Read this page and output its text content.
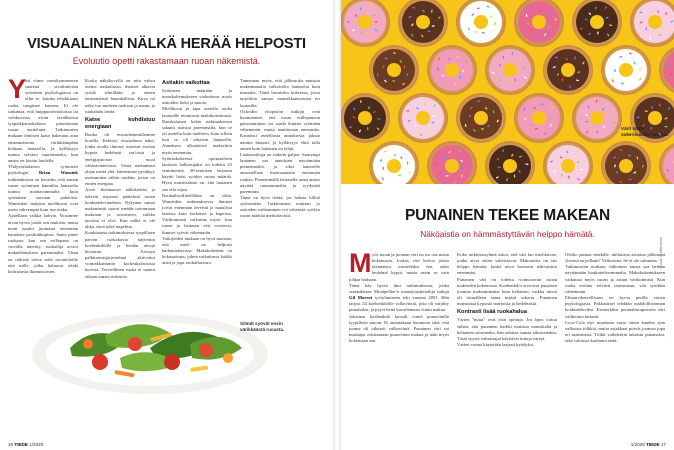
VISUAALINEN NÄLKÄ HERÄÄ HELPOSTI
Evoluutio opetti rakastamaan ruoan näkemistä.
Y

ksi viime vuosikymmenten suurista sivuilmiöistä syömisen psykologiassa on ollut se, kuinka tehokkaasti ruoka vangitsee katseen. Ei ole sattumaa, että huippuravintoloissa tai valokuvissa aivan tavallisessa työpaikkaruokalassa panostetaan ruoan asetteluun. Tutkimusten mukaan ihmisen katse hakeutuu aina ensimmäisenä värikkäimpään kohtaan lautasella, ja kylläisyys tuntuu selvästi suuremmalta, kun annos on koottu huolella.

Yhdysvaltalaisen syömisen psykologin Brian Wansink tutkimuksissa on havaittu, että saman ruoan syöminen kauniilta lautaselta tuntuu maittavammalta kuin syöminen suoraan paketista. Wansinkin mukaan mielikuvat ovat usein vahvempia kuin itse maku.

Ajatellaan vaikka kahvia. Voisimme aivan hyvin juoda sen mukista, mutta moni nauttii juomasta enemmän kauniista posliinikupista. Sama pätee ruokaan: kun sen esillepano on vaivalla mietitty, ruokailija arvioi makuelämyksen paremmaksi. Tämä on tärkeää tietoa sekä ravintoloille että niille, jotka haluavat tehdä kotiruoasta ikimuistoisen.

Koska näkökyvyllä on niin vahva asema ruokailussa, ihmiset alkavat syödä silmillään jo ennen ensimmäistä haarukallista. Kuva tai näky tuo mieleen tuoksun ja maun, ja ruokahalu herää.

Katse kohdistuu energiaan

Ruoka oli esivanhemmillemme kortilla. Kehittyi visuaalinen näkö, jonka avulla ihmiset osasivat erottaa kypsät hedelmät raa'oista ja energiapitoiset ruoat vähäravinteisista. Tämä mekanismi ohjaa meitä yhä: katseemme pysähtyy useimmiten niihin ruokiin, joissa on eniten energiaa.

Aivot skannaavat näkökentän ja tekevät nopeasti päätöksiä ruoan houkuttelevuudesta. Nykyään samat mekanismit saavat meidät tarttumaan makeaan ja rasvaiseen, vaikka tarvetta ei olisi. Kun nälkä ei ole uhka, tästä tulee ongelma.

Kuuluisassa tutkimuksessa tyypillisen päivän ruokakuvia näytettiin koehenkilöille ja heidän aivoja kuvattiin. Aivojen palkitsemisjärjestelmä aktivoitui voimakkaimmin korkeakalorisista kuvista. Terveellinen ruoka ei saanut aikaan samaa reaktiota.

Astiakin vaikuttaa

Syömisen määrään ja mauskokemukseen vaikuttavat myös astioiden koko ja muoto.

Mielikuvat ja tapa asetella ruoka lautaselle muuttavat makukokemusta. Ranskalaisen kokin tutkimuksessa salaatti maistui paremmalta, kun se oli aseteltu kuin taideteos, kuin silloin kun se oli sekaisin lautasella. Annoksen ulkonäöstä maksettiin myös enemmän.

Syömiskokeessa optimaalisen lautasen halkaisijaksi on todettu 25 senttimetriä. 30-senttisen lautasen käyttö lisäsi syödyn ruoan määrää. Hyvä muistisääntö on, että lautanen saa olla vajaa.

Ruokailuvälineilläkin on väliä. Wansinkin tutkimuksessa ihmiset joivat enemmän leveistä ja matalista laseista kuin korkeista ja kapeista. Värikontrasti vaikuttaa myös: kun ruoan ja lautasen väri erottuvat, ihmiset syövät vähemmän.

Tutkijoiden mukaan on hyvä muistaa, että mieli on helposti harhautettavissa. Makukokemus on kokonaisuus, johon vaikuttavat kaikki aistit ja jopa ruokailuseura.

Tunnetaan myös, että jälkiruoka maistuu makeammalta valkoiselta lautaselta kuin mustalta. Tämä havaittiin kokeessa, jossa tarjoiltiin samaa mansikkamoussea eri lautasilta.

Oxfordin yliopiston tutkijat ovat huomanneet, että ruoan esillepanoon panostaminen voi saada ihmiset syömään vähemmän, mutta nauttimaan enemmän. Kauniisti asetellusta annoksesta jaksaa nauttia hitaasti, ja kylläisyys ehtii tulla ennen kuin lautanen on tyhjä.

Lautasmittoja on tutkittu paljon. Suurempi lautanen saa annoksen näyttämään pienemmältä, ja siksi lautaselle annostellaan huomaamatta enemmän ruokaa. Pienemmällä lautasella sama annos näyttää runsaammalta ja tyydyttää paremmin.

Tämä on hyvä tietää, jos haluaa hillitä syömistään. Tutkimusten mukaan jo astioiden vaihtaminen voi vähentää syödyn ruoan määrää merkittävästi.

Silmät syövät ensin värikkäästä ruoasta.
16 TIEDE 1/2020
Värit sälää sokerisuuden tunnua.
Kuvat: Shutterstock
PUNAINEN TEKEE MAKEAN
Näköaistia on hämmästyttävän helppo hämätä.
M yös ruoan ja juoman väri on iso osa maun kokemusta. Joskus väri kertoo jotain olennaista, esimerkiksi sen, onko hedelmä kypsä, mutta usein se vain johtaa harhaan.

Tämä käy hyvin ilmi tutkimuksesta, jonka ranskalaisen Montpellier'n maataloustieteilijä tutkija Gil Morrot työryhmineen teki vuonna 2001. Hän tarjosi 54 koehenkilölle valkoviiniä, joka oli värjätty punaiseksi, ja pyysi heitä kuvailemaan viinin makua.

Jokainen koehenkilö kuvaili viiniä punaviinille tyypillisin sanoin. Ei ainuttakaan huomiota siitä, että juoma oli oikeasti valkoviiniä. Punainen väri sai maistajat odottamaan punaviinin makua ja näin myös kokemaan sen.

Koko tutkimusryhmä uskoi, että väri luo mielikuvan, jonka aivot sitten vahvistavat. Makuaistia on siis helppo hämätä, koska aivot luottavat näköaistiin enemmän.

Punainen väri on todettu voimistavan ruoan makeuden kokemusta. Koehenkilöt arvioivat punaisen juoman makeammaksi kuin keltaisen, vaikka niissä oli täsmälleen sama määrä sokeria. Punainen muistuttaa kypsistä marjoista ja hedelmistä.

Kontrasti lisää ruokahalua

Värien "maut" ovat osin opittuja. Jos lapsi tottuu siihen, että punainen karkki maistuu mansikalta ja keltainen sitruunalta, hän odottaa samaa aikuisenakin. Tästä syystä valmistajat käyttävät tuttuja värejä.

Värien voima käytetään laajasti hyödyksi.

Oletko pannut merkille, millaisina astioina jälkiruoat yleensä tarjoillaan? Valkoisina. Se ei ole sattumaa.

Tutkimusten mukaan valkoinen tausta saa herkun näyttämään houkuttelevammalta. Makukokemukseen vaikuttaa myös ruoan ja astian värikontrasti. Kun ruoka erottuu selvästi taustastaan, sitä syödään vähemmän.

Elintarviketeollisuus on hyvin perillä värien psykologiasta. Pakkaukset tehdään mahdollisimman houkutteleviksi. Esimerkiksi perunalastupussien väri valikoituu tarkasti.

Coca-Cola myi muutama vuosi sitten kauden ajan valkoista tölkkiä, mutta asiakkaat pitivät juomaa jopa eri makuisena. Tölkit vaihdettiin takaisin punaisiksi, eikä valitusta kuulunut enää.

1/2020 TIEDE 17
